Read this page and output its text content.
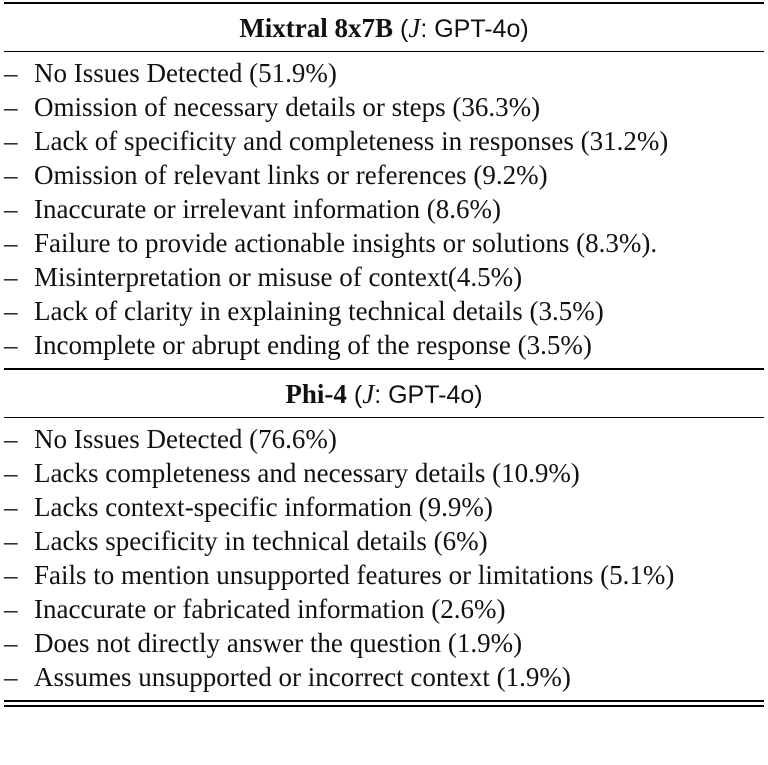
Mixtral 8x7B (J: GPT-4o)
– No Issues Detected (51.9%)
– Omission of necessary details or steps (36.3%)
– Lack of specificity and completeness in responses (31.2%)
– Omission of relevant links or references (9.2%)
– Inaccurate or irrelevant information (8.6%)
– Failure to provide actionable insights or solutions (8.3%).
– Misinterpretation or misuse of context(4.5%)
– Lack of clarity in explaining technical details (3.5%)
– Incomplete or abrupt ending of the response (3.5%)
Phi-4 (J: GPT-4o)
– No Issues Detected (76.6%)
– Lacks completeness and necessary details (10.9%)
– Lacks context-specific information (9.9%)
– Lacks specificity in technical details (6%)
– Fails to mention unsupported features or limitations (5.1%)
– Inaccurate or fabricated information (2.6%)
– Does not directly answer the question (1.9%)
– Assumes unsupported or incorrect context (1.9%)
